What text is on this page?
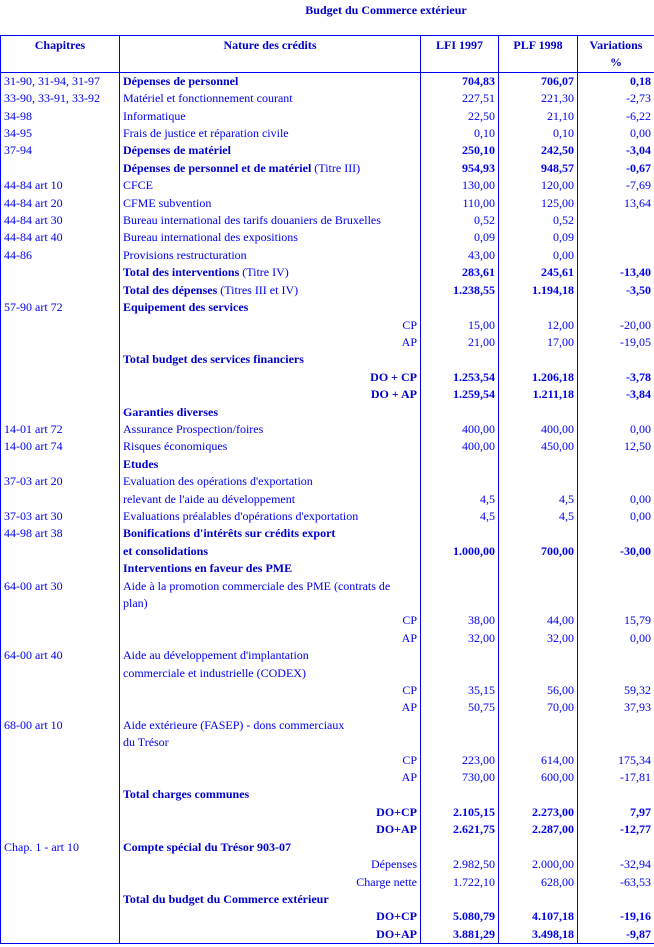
Budget du Commerce extérieur
Chapitres	Nature des crédits	LFI 1997	PLF 1998	Variations
%
31-90, 31-94, 31-97	Dépenses de personnel	704,83	706,07	0,18
33-90, 33-91, 33-92	Matériel et fonctionnement courant	227,51	221,30	-2,73
34-98	Informatique	22,50	21,10	-6,22
34-95	Frais de justice et réparation civile	0,10	0,10	0,00
37-94	Dépenses de matériel	250,10	242,50	-3,04
	Dépenses de personnel et de matériel (Titre III)	954,93	948,57	-0,67
44-84 art 10	CFCE	130,00	120,00	-7,69
44-84 art 20	CFME subvention	110,00	125,00	13,64
44-84 art 30	Bureau international des tarifs douaniers de Bruxelles	0,52	0,52	
44-84 art 40	Bureau international des expositions	0,09	0,09	
44-86	Provisions restructuration	43,00	0,00	
	Total des interventions (Titre IV)	283,61	245,61	-13,40
	Total des dépenses (Titres III et IV)	1.238,55	1.194,18	-3,50
57-90 art 72	Equipement des services			
	CP	15,00	12,00	-20,00
	AP	21,00	17,00	-19,05
	Total budget des services financiers			
	DO + CP	1.253,54	1.206,18	-3,78
	DO + AP	1.259,54	1.211,18	-3,84
	Garanties diverses			
14-01 art 72	Assurance Prospection/foires	400,00	400,00	0,00
14-00 art 74	Risques économiques	400,00	450,00	12,50
	Etudes			
37-03 art 20	Evaluation des opérations d'exportation			
	relevant de l'aide au développement	4,5	4,5	0,00
37-03 art 30	Evaluations préalables d'opérations d'exportation	4,5	4,5	0,00
44-98 art 38	Bonifications d'intérêts sur crédits export			
	et consolidations	1.000,00	700,00	-30,00
	Interventions en faveur des PME			
64-00 art 30	Aide à la promotion commerciale des PME (contrats de			
	plan)			
	CP	38,00	44,00	15,79
	AP	32,00	32,00	0,00
64-00 art 40	Aide au développement d'implantation			
	commerciale et industrielle (CODEX)			
	CP	35,15	56,00	59,32
	AP	50,75	70,00	37,93
68-00 art 10	Aide extérieure (FASEP) - dons commerciaux			
	du Trésor			
	CP	223,00	614,00	175,34
	AP	730,00	600,00	-17,81
	Total charges communes			
	DO+CP	2.105,15	2.273,00	7,97
	DO+AP	2.621,75	2.287,00	-12,77
Chap. 1 - art 10	Compte spécial du Trésor 903-07			
	Dépenses	2.982,50	2.000,00	-32,94
	Charge nette	1.722,10	628,00	-63,53
	Total du budget du Commerce extérieur			
	DO+CP	5.080,79	4.107,18	-19,16
	DO+AP	3.881,29	3.498,18	-9,87
